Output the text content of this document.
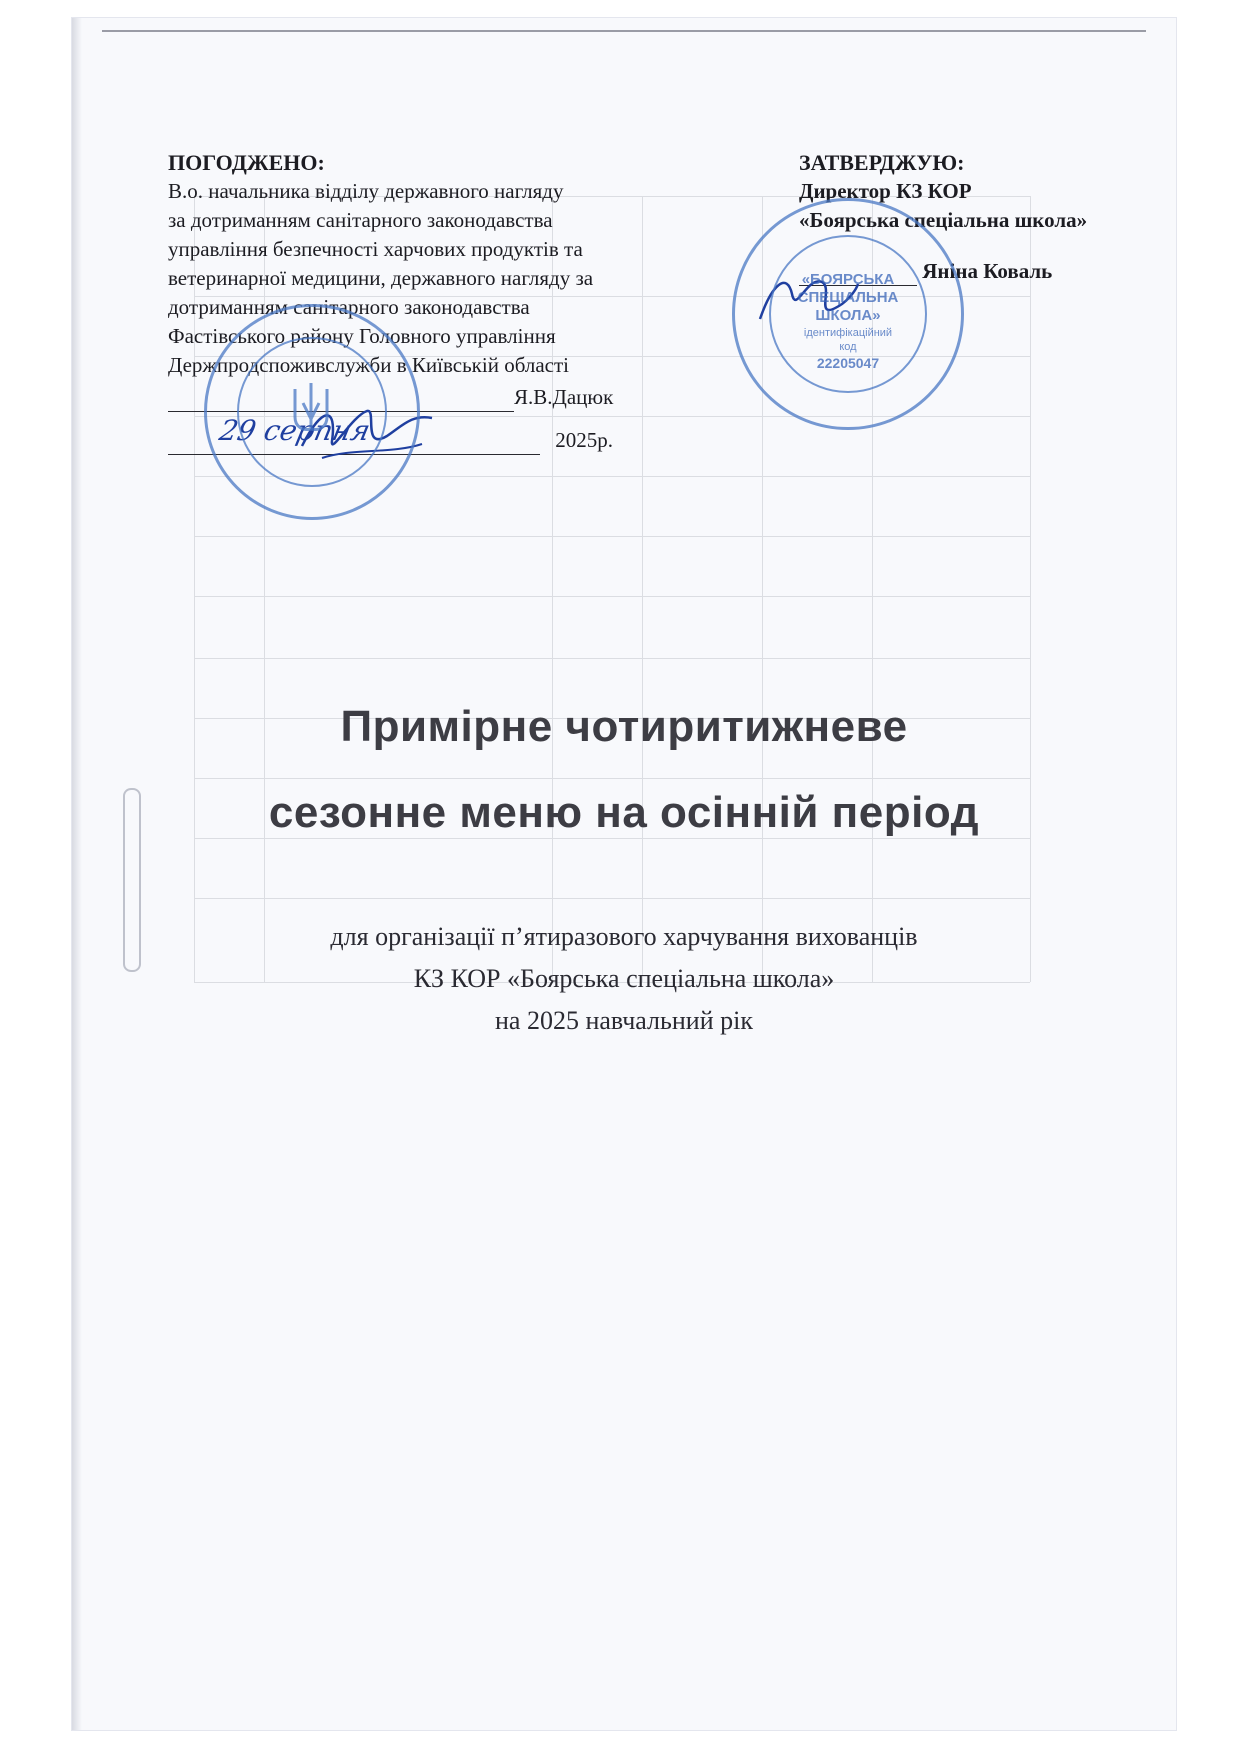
ПОГОДЖЕНО:
В.о. начальника відділу державного нагляду
за дотриманням санітарного законодавства
управління безпечності харчових продуктів та
ветеринарної медицини, державного нагляду за
дотриманням санітарного законодавства
Фастівського району Головного управління
Держпродспоживслужби в Київській області
Я.В.Дацюк

29 серпня	2025р.
ЗАТВЕРДЖУЮ:
Директор КЗ КОР
«Боярська спеціальна школа»
Яніна Коваль
«БОЯРСЬКА
СПЕЦІАЛЬНА
ШКОЛА»
ідентифікаційний
код
22205047
Примірне чотиритижневе
сезонне меню на осінній період
для організації п’ятиразового харчування вихованців
КЗ КОР «Боярська спеціальна школа»
на 2025 навчальний рік
